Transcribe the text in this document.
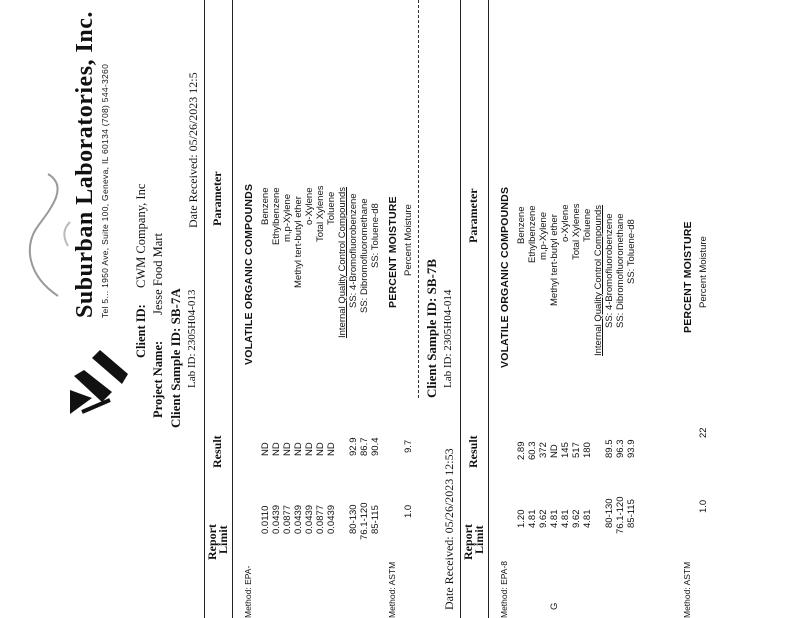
Suburban Laboratories, Inc. Tel 5... 1950 Ave, Suite 100, Geneva, IL 60134 (708) 544-3260
Client ID:
CWM Company, Inc
Project Name:
Jesse Food Mart
Client Sample ID: SB-7A Lab ID: 2305H04-013
Date Received: 05/26/2023 12:5 Parameter
Result
Report
Limit
VOLATILE ORGANIC COMPOUNDS
Method: EPA-
Benzene
ND
0.0110
Ethylbenzene
ND
0.0439
m,p-Xylene
ND
0.0877
Methyl tert-butyl ether
ND
0.0439
o-Xylene
ND
0.0439
Total Xylenes
ND
0.0877
Toluene
ND
0.0439
Internal Quality Control Compounds SS: 4-Bromofluorobenzene
92.9
80-130
SS: Dibromofluoromethane
86.7
76.1-120
SS: Toluene-d8
90.4
85-115
PERCENT MOISTURE
Method: ASTM
Percent Moisture
9.7
1.0
Client Sample ID: SB-7B Lab ID: 2305H04-014
Date Received: 05/26/2023 12:53
Parameter
Result
Report
Limit
VOLATILE ORGANIC COMPOUNDS
Method: EPA-8
Benzene
2.89
1.20
Ethylbenzene
60.3
4.81
m,p-Xylene
372
9.62
Methyl tert-butyl ether
ND
4.81
G
o-Xylene
145
4.81
Total Xylenes
517
9.62
Toluene
180
4.81
Internal Quality Control Compounds SS: 4-Bromofluorobenzene
89.5
80-130
SS: Dibromofluoromethane
96.3
76.1-120
SS: Toluene-d8
93.9
85-115
PERCENT MOISTURE
Method: ASTM
Percent Moisture
22
1.0
